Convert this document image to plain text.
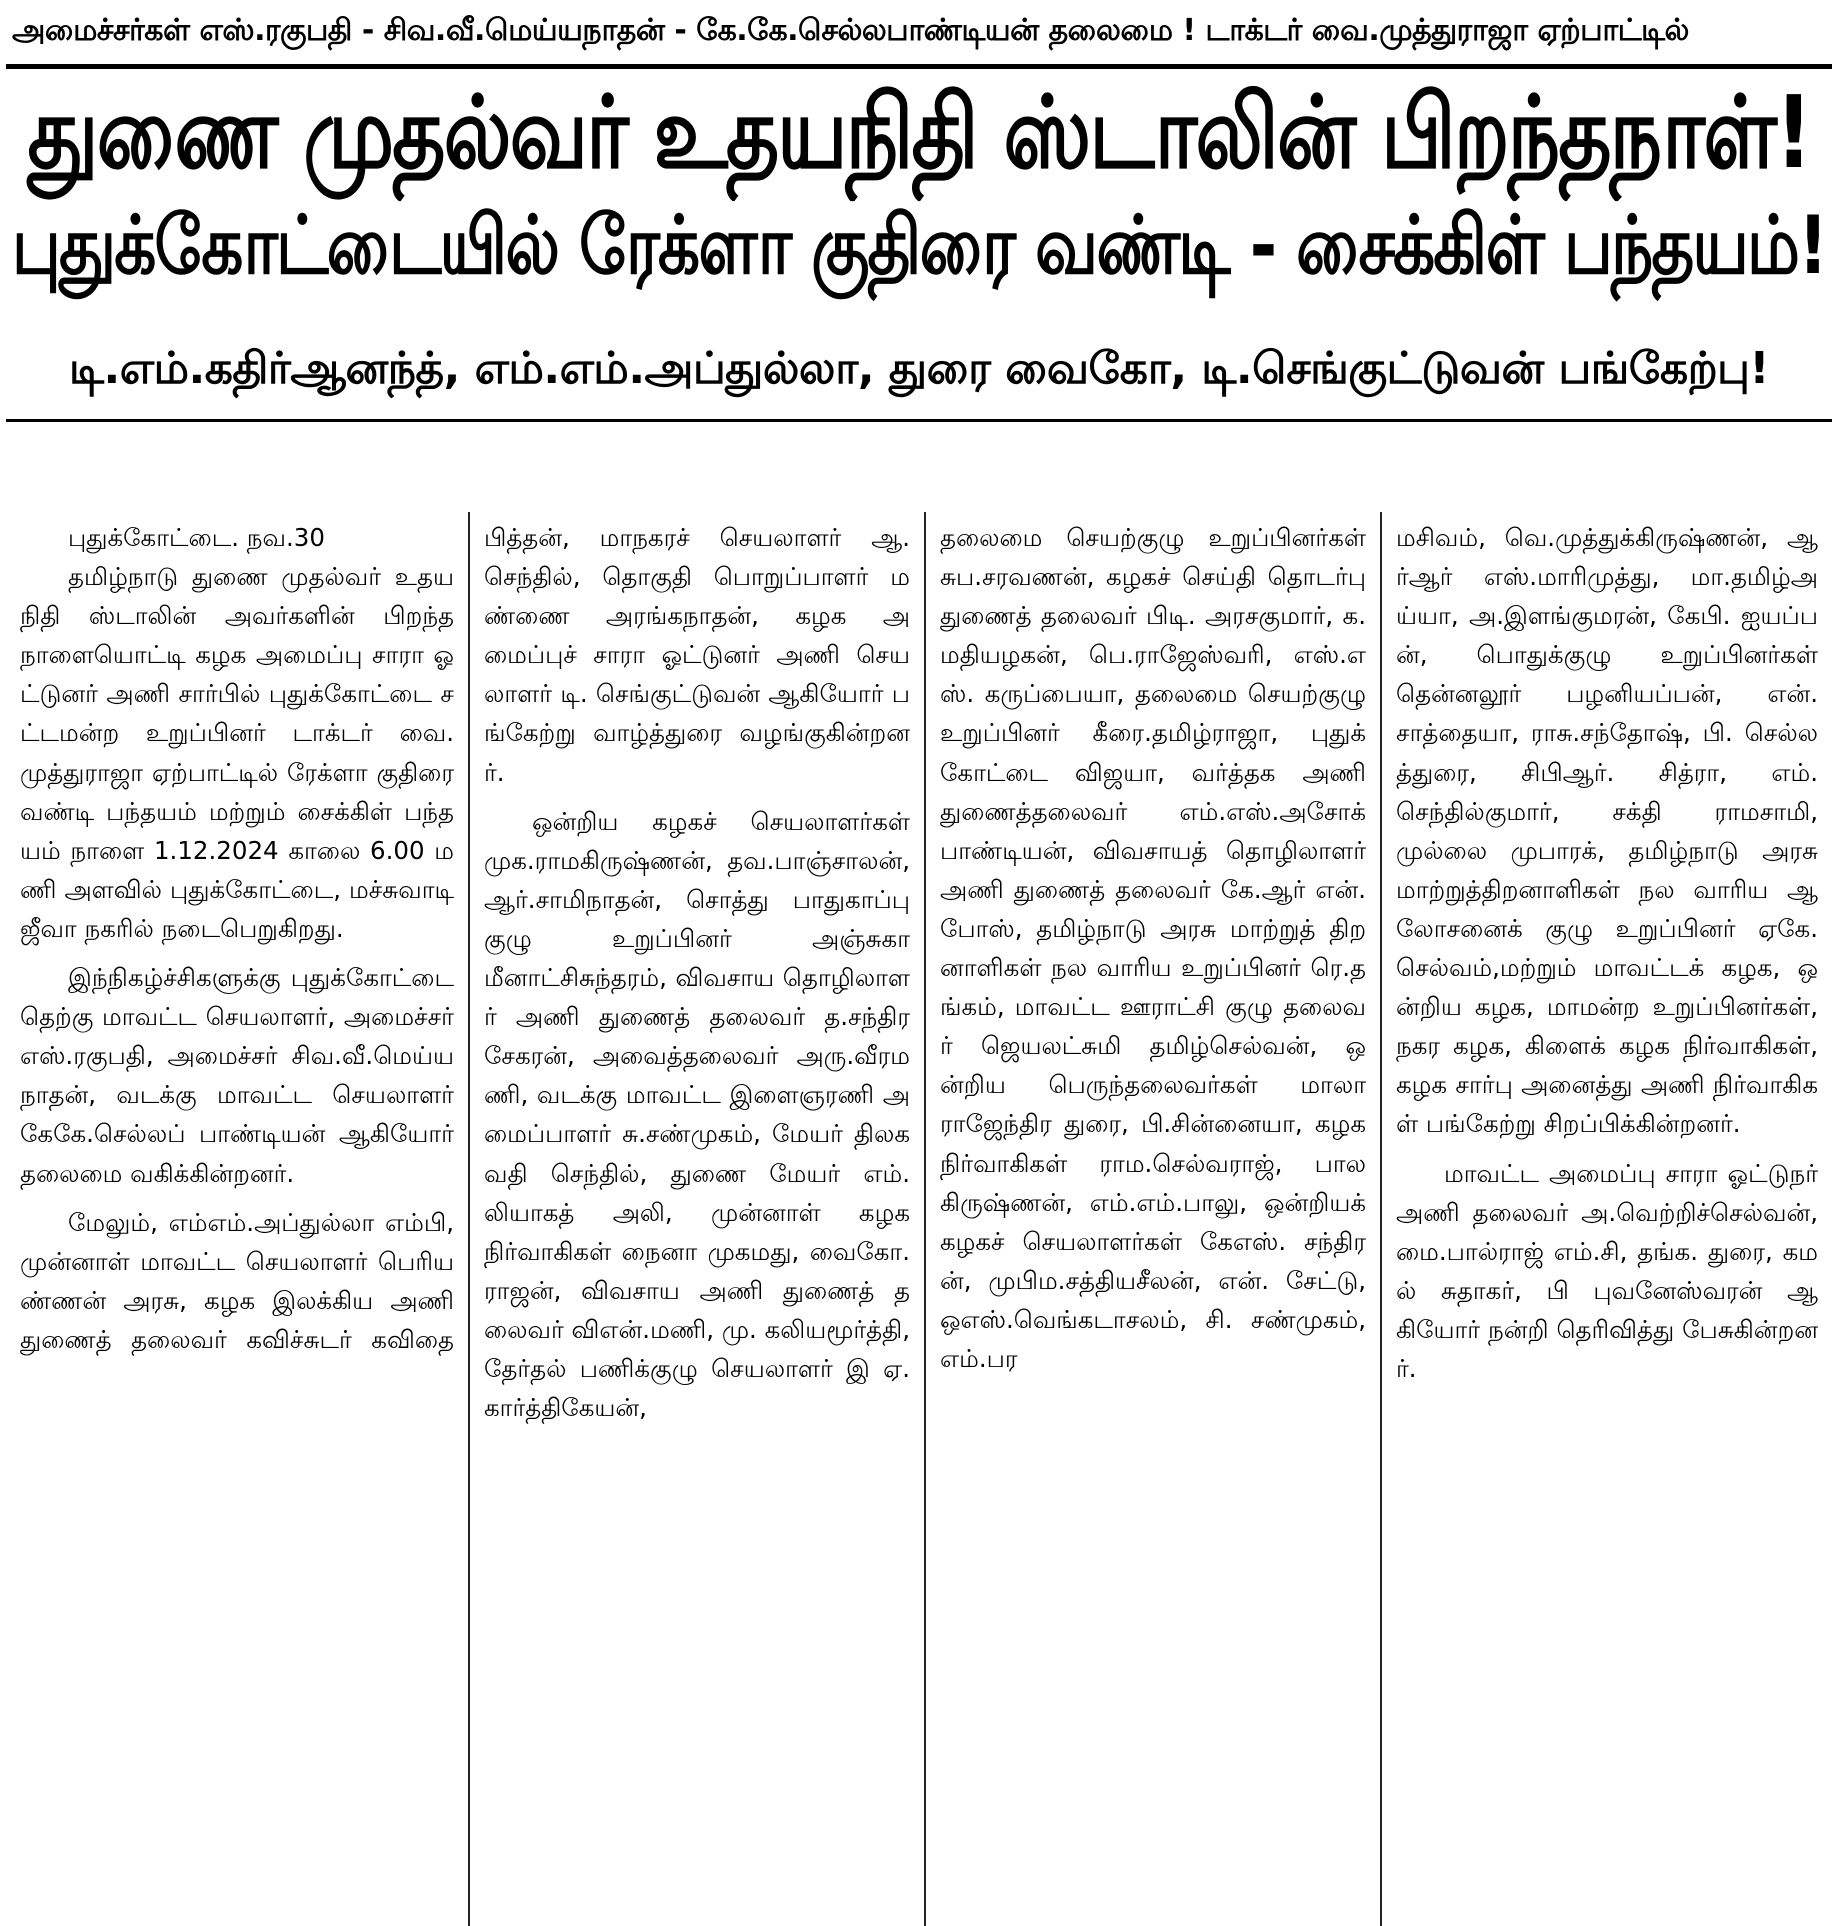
அமைச்சர்கள் எஸ்.ரகுபதி - சிவ.வீ.மெய்யநாதன் - கே.கே.செல்லபாண்டியன் தலைமை ! டாக்டர் வை.முத்துராஜா ஏற்பாட்டில்
துணை முதல்வர் உதயநிதி ஸ்டாலின் பிறந்தநாள்!
புதுக்கோட்டையில் ரேக்ளா குதிரை வண்டி - சைக்கிள் பந்தயம்!
டி.எம்.கதிர்ஆனந்த், எம்.எம்.அப்துல்லா, துரை வைகோ, டி.செங்குட்டுவன் பங்கேற்பு!

புதுக்கோட்டை. நவ.30

தமிழ்நாடு துணை முதல்வர் உதயநிதி ஸ்டாலின் அவர்களின் பிறந்தநாளையொட்டி கழக அமைப்பு சாரா ஓட்டுனர் அணி சார்பில் புதுக்கோட்டை சட்டமன்ற உறுப்பினர் டாக்டர் வை.முத்துராஜா ஏற்பாட்டில் ரேக்ளா குதிரை வண்டி பந்தயம் மற்றும் சைக்கிள் பந்தயம் நாளை 1.12.2024 காலை 6.00 மணி அளவில் புதுக்கோட்டை, மச்சுவாடி ஜீவா நகரில் நடைபெறுகிறது.

இந்நிகழ்ச்சிகளுக்கு புதுக்கோட்டை தெற்கு மாவட்ட செயலாளர், அமைச்சர் எஸ்.ரகுபதி, அமைச்சர் சிவ.வீ.மெய்யநாதன், வடக்கு மாவட்ட செயலாளர் கேகே.செல்லப் பாண்டியன் ஆகியோர் தலைமை வகிக்கின்றனர்.

மேலும், எம்எம்.அப்துல்லா எம்பி, முன்னாள் மாவட்ட செயலாளர் பெரியண்ணன் அரசு, கழக இலக்கிய அணி துணைத் தலைவர் கவிச்சுடர் கவிதை

பித்தன், மாநகரச் செயலாளர் ஆ.செந்தில், தொகுதி பொறுப்பாளர் மண்ணை அரங்கநாதன், கழக அமைப்புச் சாரா ஓட்டுனர் அணி செயலாளர் டி. செங்குட்டுவன் ஆகியோர் பங்கேற்று வாழ்த்துரை வழங்குகின்றனர்.

ஒன்றிய கழகச் செயலாளர்கள் முக.ராமகிருஷ்ணன், தவ.பாஞ்சாலன், ஆர்.சாமிநாதன், சொத்து பாதுகாப்பு குழு உறுப்பினர் அஞ்சுகா மீனாட்சிசுந்தரம், விவசாய தொழிலாளர் அணி துணைத் தலைவர் த.சந்திரசேகரன், அவைத்தலைவர் அரு.வீரமணி, வடக்கு மாவட்ட இளைஞரணி அமைப்பாளர் சு.சண்முகம், மேயர் திலகவதி செந்தில், துணை மேயர் எம். லியாகத் அலி, முன்னாள் கழக நிர்வாகிகள் நைனா முகமது, வைகோ.ராஜன், விவசாய அணி துணைத் தலைவர் விஎன்.மணி, மு. கலியமூர்த்தி, தேர்தல் பணிக்குழு செயலாளர் இ ஏ. கார்த்திகேயன்,

தலைமை செயற்குழு உறுப்பினர்கள் சுப.சரவணன், கழகச் செய்தி தொடர்பு துணைத் தலைவர் பிடி. அரசகுமார், க.மதியழகன், பெ.ராஜேஸ்வரி, எஸ்.எஸ். கருப்பையா, தலைமை செயற்குழு உறுப்பினர் கீரை.தமிழ்ராஜா, புதுக் கோட்டை விஜயா, வர்த்தக அணி துணைத்தலைவர் எம்.எஸ்.அசோக் பாண்டியன், விவசாயத் தொழிலாளர் அணி துணைத் தலைவர் கே.ஆர் என்.போஸ், தமிழ்நாடு அரசு மாற்றுத் திறனாளிகள் நல வாரிய உறுப்பினர் ரெ.தங்கம், மாவட்ட ஊராட்சி குழு தலைவர் ஜெயலட்சுமி தமிழ்செல்வன், ஒன்றிய பெருந்தலைவர்கள் மாலா ராஜேந்திர துரை, பி.சின்னையா, கழக நிர்வாகிகள் ராம.செல்வராஜ், பாலகிருஷ்ணன், எம்.எம்.பாலு, ஒன்றியக் கழகச் செயலாளர்கள் கேஎஸ். சந்திரன், முபிம.சத்தியசீலன், என். சேட்டு, ஒஎஸ்.வெங்கடாசலம், சி. சண்முகம், எம்.பர

மசிவம், வெ.முத்துக்கிருஷ்ணன், ஆர்ஆர் எஸ்.மாரிமுத்து, மா.தமிழ்அய்யா, அ.இளங்குமரன், கேபி. ஐயப்பன், பொதுக்குழு உறுப்பினர்கள் தென்னலூர் பழனியப்பன், என். சாத்தையா, ராசு.சந்தோஷ், பி. செல்லத்துரை, சிபிஆர். சித்ரா, எம். செந்தில்குமார், சக்தி ராமசாமி,முல்லை முபாரக், தமிழ்நாடு அரசு மாற்றுத்திறனாளிகள் நல வாரிய ஆலோசனைக் குழு உறுப்பினர் ஏகே.செல்வம்,மற்றும் மாவட்டக் கழக, ஒன்றிய கழக, மாமன்ற உறுப்பினர்கள், நகர கழக, கிளைக் கழக நிர்வாகிகள், கழக சார்பு அனைத்து அணி நிர்வாகிகள் பங்கேற்று சிறப்பிக்கின்றனர்.

மாவட்ட அமைப்பு சாரா ஓட்டுநர் அணி தலைவர் அ.வெற்றிச்செல்வன், மை.பால்ராஜ் எம்.சி, தங்க. துரை, கமல் சுதாகர், பி புவனேஸ்வரன் ஆகியோர் நன்றி தெரிவித்து பேசுகின்றனர்.
